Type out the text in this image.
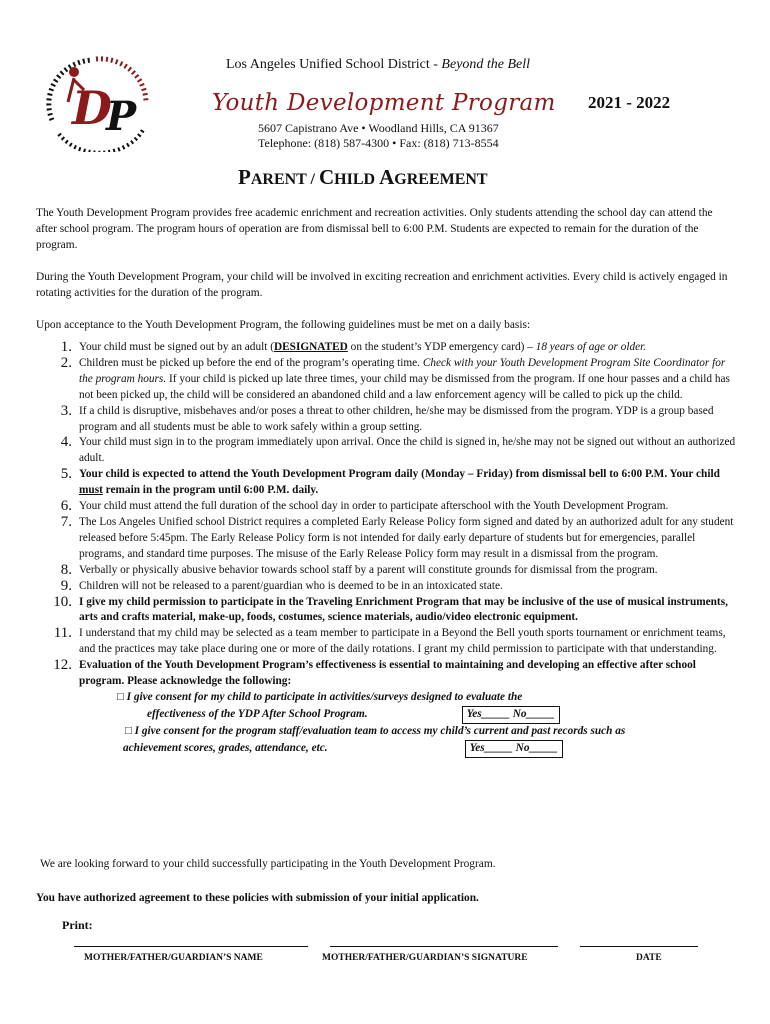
D
P
Los Angeles Unified School District - Beyond the Bell
Youth Development Program 2021 - 2022
5607 Capistrano Ave • Woodland Hills, CA 91367
Telephone: (818) 587-4300 • Fax: (818) 713-8554
PARENT / CHILD AGREEMENT
The Youth Development Program provides free academic enrichment and recreation activities. Only students attending the school day can attend the after school program. The program hours of operation are from dismissal bell to 6:00 P.M. Students are expected to remain for the duration of the program.
During the Youth Development Program, your child will be involved in exciting recreation and enrichment activities. Every child is actively engaged in rotating activities for the duration of the program.
Upon acceptance to the Youth Development Program, the following guidelines must be met on a daily basis:
1. Your child must be signed out by an adult (DESIGNATED on the student’s YDP emergency card) – 18 years of age or older.
2. Children must be picked up before the end of the program’s operating time. Check with your Youth Development Program Site Coordinator for the program hours. If your child is picked up late three times, your child may be dismissed from the program. If one hour passes and a child has not been picked up, the child will be considered an abandoned child and a law enforcement agency will be called to pick up the child.
3. If a child is disruptive, misbehaves and/or poses a threat to other children, he/she may be dismissed from the program. YDP is a group based program and all students must be able to work safely within a group setting.
4. Your child must sign in to the program immediately upon arrival. Once the child is signed in, he/she may not be signed out without an authorized adult.
5. Your child is expected to attend the Youth Development Program daily (Monday – Friday) from dismissal bell to 6:00 P.M. Your child must remain in the program until 6:00 P.M. daily.
6. Your child must attend the full duration of the school day in order to participate afterschool with the Youth Development Program.
7. The Los Angeles Unified school District requires a completed Early Release Policy form signed and dated by an authorized adult for any student released before 5:45pm. The Early Release Policy form is not intended for daily early departure of students but for emergencies, parallel programs, and standard time purposes. The misuse of the Early Release Policy form may result in a dismissal from the program.
8. Verbally or physically abusive behavior towards school staff by a parent will constitute grounds for dismissal from the program.
9. Children will not be released to a parent/guardian who is deemed to be in an intoxicated state.
10. I give my child permission to participate in the Traveling Enrichment Program that may be inclusive of the use of musical instruments, arts and crafts material, make-up, foods, costumes, science materials, audio/video electronic equipment.
11. I understand that my child may be selected as a team member to participate in a Beyond the Bell youth sports tournament or enrichment teams, and the practices may take place during one or more of the daily rotations. I grant my child permission to participate with that understanding.
12. Evaluation of the Youth Development Program’s effectiveness is essential to maintaining and developing an effective after school program. Please acknowledge the following:
□ I give consent for my child to participate in activities/surveys designed to evaluate the
effectiveness of the YDP After School Program.	Yes_____ No_____
□ I give consent for the program staff/evaluation team to access my child’s current and past records such as
achievement scores, grades, attendance, etc.	Yes_____ No_____
We are looking forward to your child successfully participating in the Youth Development Program.
You have authorized agreement to these policies with submission of your initial application.
Print:
MOTHER/FATHER/GUARDIAN’S NAME	MOTHER/FATHER/GUARDIAN’S SIGNATURE	DATE
